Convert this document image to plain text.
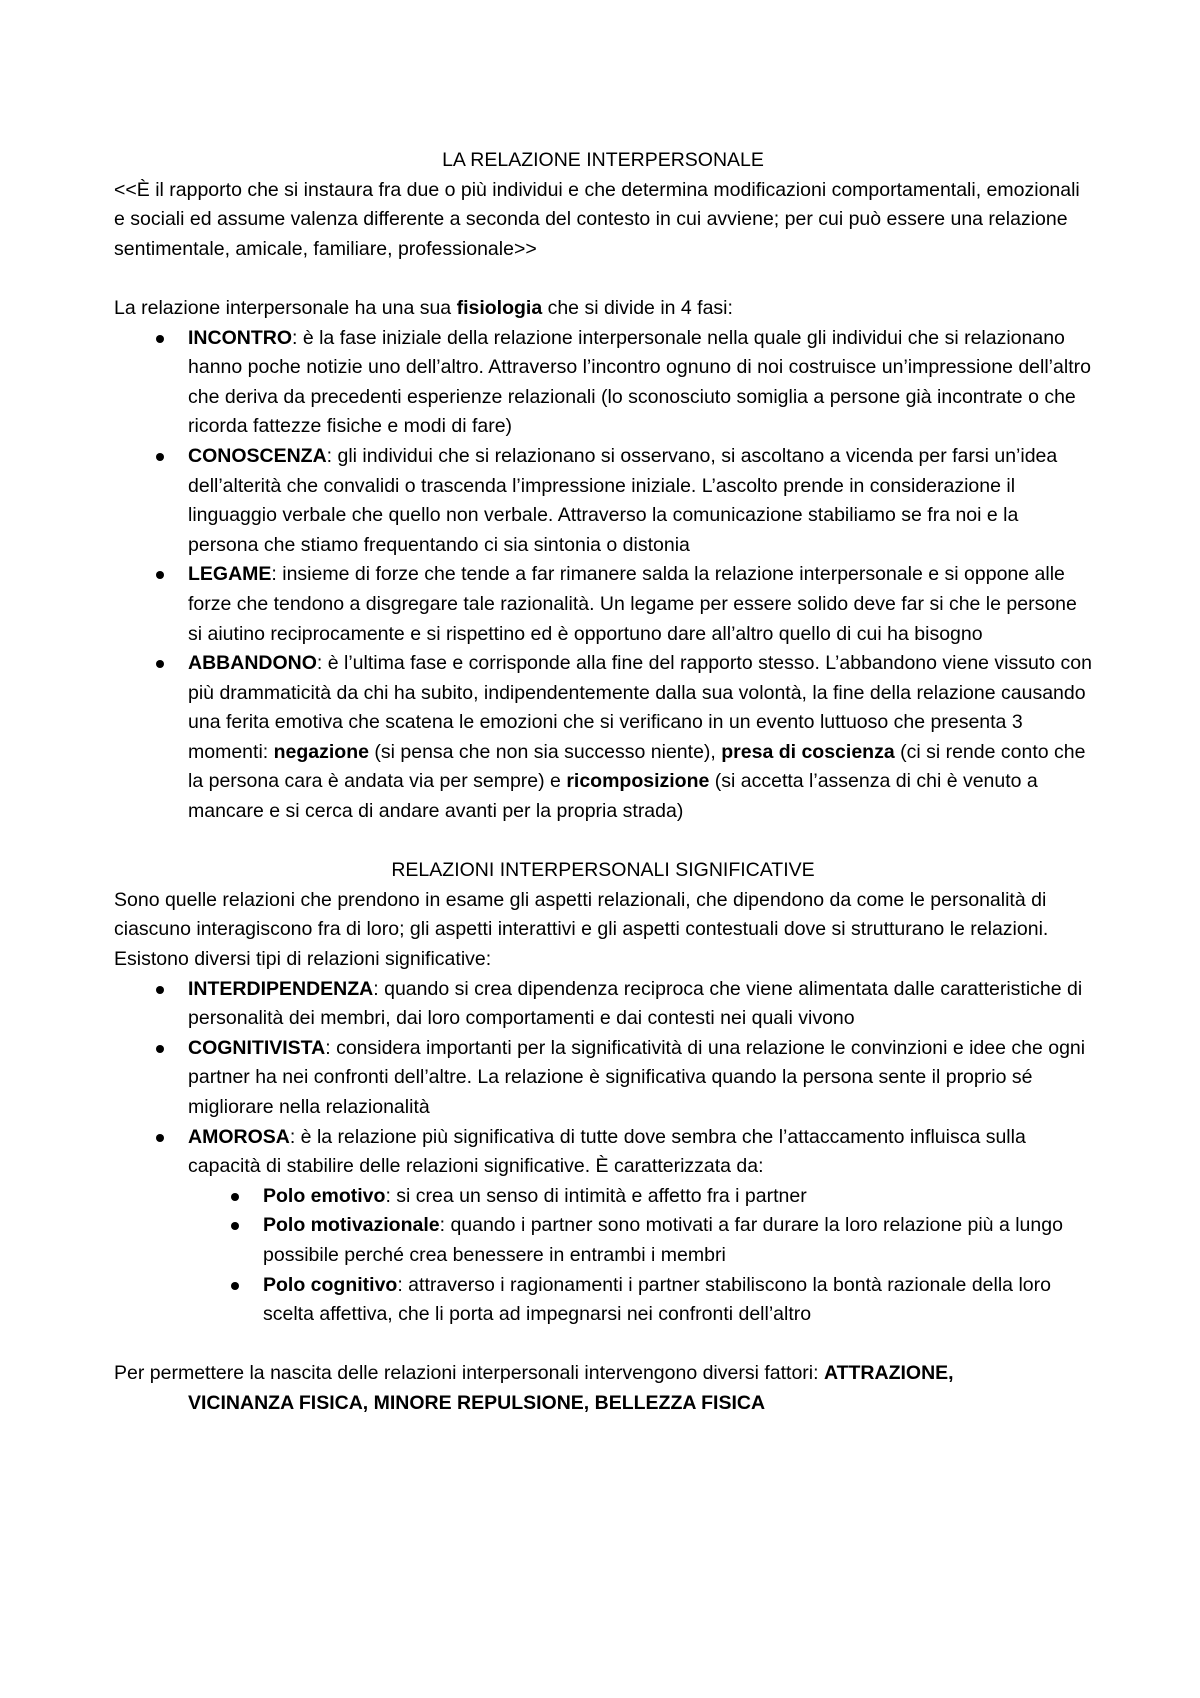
LA RELAZIONE INTERPERSONALE

<<È il rapporto che si instaura fra due o più individui e che determina modificazioni comportamentali, emozionali e sociali ed assume valenza differente a seconda del contesto in cui avviene; per cui può essere una relazione sentimentale, amicale, familiare, professionale>>

La relazione interpersonale ha una sua fisiologia che si divide in 4 fasi:

INCONTRO: è la fase iniziale della relazione interpersonale nella quale gli individui che si relazionano hanno poche notizie uno dell’altro. Attraverso l’incontro ognuno di noi costruisce un’impressione dell’altro che deriva da precedenti esperienze relazionali (lo sconosciuto somiglia a persone già incontrate o che ricorda fattezze fisiche e modi di fare)
CONOSCENZA: gli individui che si relazionano si osservano, si ascoltano a vicenda per farsi un’idea dell’alterità che convalidi o trascenda l’impressione iniziale. L’ascolto prende in considerazione il linguaggio verbale che quello non verbale. Attraverso la comunicazione stabiliamo se fra noi e la persona che stiamo frequentando ci sia sintonia o distonia
LEGAME: insieme di forze che tende a far rimanere salda la relazione interpersonale e si oppone alle forze che tendono a disgregare tale razionalità. Un legame per essere solido deve far si che le persone si aiutino reciprocamente e si rispettino ed è opportuno dare all’altro quello di cui ha bisogno
ABBANDONO: è l’ultima fase e corrisponde alla fine del rapporto stesso. L’abbandono viene vissuto con più drammaticità da chi ha subito, indipendentemente dalla sua volontà, la fine della relazione causando una ferita emotiva che scatena le emozioni che si verificano in un evento luttuoso che presenta 3 momenti: negazione (si pensa che non sia successo niente), presa di coscienza (ci si rende conto che la persona cara è andata via per sempre) e ricomposizione (si accetta l’assenza di chi è venuto a mancare e si cerca di andare avanti per la propria strada)

RELAZIONI INTERPERSONALI SIGNIFICATIVE

Sono quelle relazioni che prendono in esame gli aspetti relazionali, che dipendono da come le personalità di ciascuno interagiscono fra di loro; gli aspetti interattivi e gli aspetti contestuali dove si strutturano le relazioni. Esistono diversi tipi di relazioni significative:

INTERDIPENDENZA: quando si crea dipendenza reciproca che viene alimentata dalle caratteristiche di personalità dei membri, dai loro comportamenti e dai contesti nei quali vivono
COGNITIVISTA: considera importanti per la significatività di una relazione le convinzioni e idee che ogni partner ha nei confronti dell’altre. La relazione è significativa quando la persona sente il proprio sé migliorare nella relazionalità
AMOROSA: è la relazione più significativa di tutte dove sembra che l’attaccamento influisca sulla capacità di stabilire delle relazioni significative. È caratterizzata da:
Polo emotivo: si crea un senso di intimità e affetto fra i partner
Polo motivazionale: quando i partner sono motivati a far durare la loro relazione più a lungo possibile perché crea benessere in entrambi i membri
Polo cognitivo: attraverso i ragionamenti i partner stabiliscono la bontà razionale della loro scelta affettiva, che li porta ad impegnarsi nei confronti dell’altro

Per permettere la nascita delle relazioni interpersonali intervengono diversi fattori: ATTRAZIONE,

VICINANZA FISICA, MINORE REPULSIONE, BELLEZZA FISICA
